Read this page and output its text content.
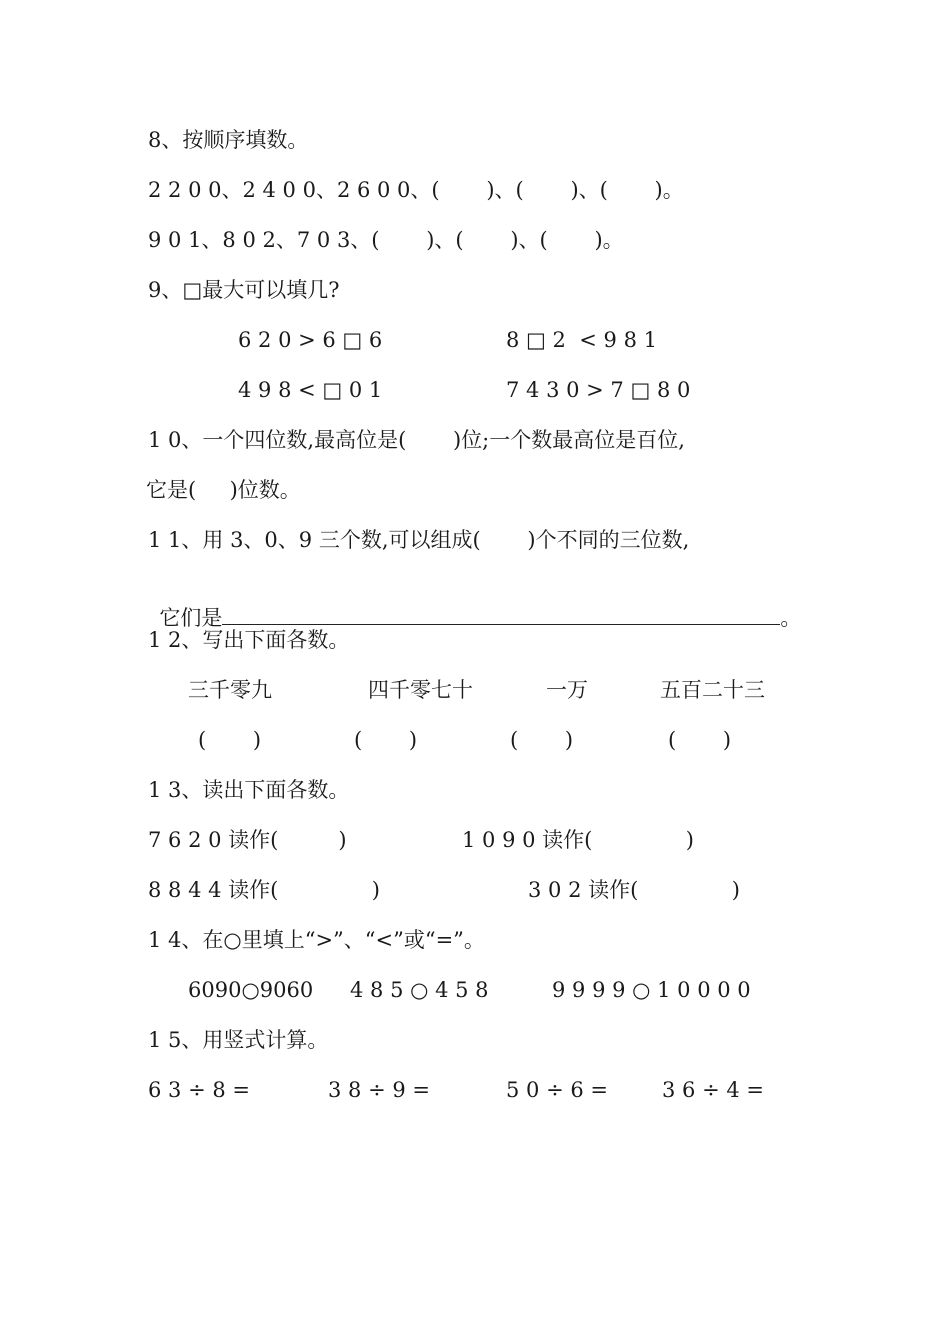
8、按顺序填数。
2 2 0 0、2 4 0 0、2 6 0 0、(       )、(       )、(       )。
9 0 1、8 0 2、7 0 3、(       )、(       )、(       )。
9、□最大可以填几?
6 2 0 > 6 □ 6	8 □ 2  < 9 8 1
4 9 8 < □ 0 1	7 4 3 0 > 7 □ 8 0
1 0、一个四位数,最高位是(       )位;一个数最高位是百位,
它是(     )位数。
1 1、用 3、0、9 三个数,可以组成(       )个不同的三位数,

它们是	。

1 2、写出下面各数。
三千零九	四千零七十	一万	五百二十三
(       )	(       )	(       )	(       )
1 3、读出下面各数。
7 6 2 0 读作(         )	1 0 9 0 读作(              )
8 8 4 4 读作(              )	3 0 2 读作(              )
1 4、在○里填上“>”、“<”或“=”。
6090○9060 4 8 5 ○ 4 5 8	9 9 9 9 ○ 1 0 0 0 0
1 5、用竖式计算。
6 3 ÷ 8 =	3 8 ÷ 9 =	5 0 ÷ 6 =	3 6 ÷ 4 =
